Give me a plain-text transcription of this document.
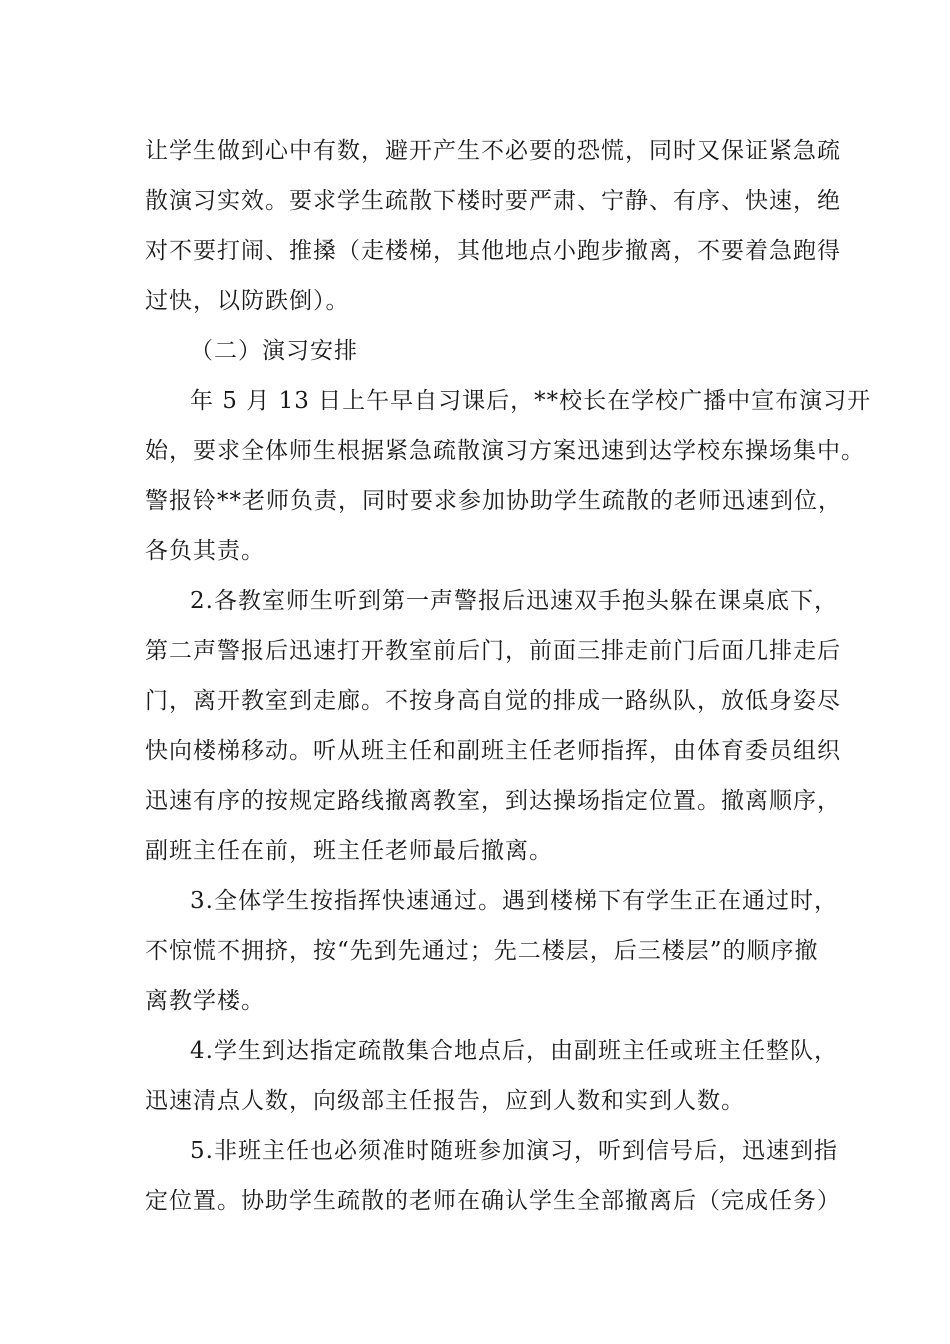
让学生做到心中有数，避开产生不必要的恐慌，同时又保证紧急疏
散演习实效。要求学生疏散下楼时要严肃、宁静、有序、快速，绝
对不要打闹、推搡（走楼梯，其他地点小跑步撤离，不要着急跑得
过快，以防跌倒）。
（二）演习安排
年 5 月 13 日上午早自习课后，**校长在学校广播中宣布演习开
始，要求全体师生根据紧急疏散演习方案迅速到达学校东操场集中。
警报铃**老师负责，同时要求参加协助学生疏散的老师迅速到位，
各负其责。
2.各教室师生听到第一声警报后迅速双手抱头躲在课桌底下，
第二声警报后迅速打开教室前后门，前面三排走前门后面几排走后
门，离开教室到走廊。不按身高自觉的排成一路纵队，放低身姿尽
快向楼梯移动。听从班主任和副班主任老师指挥，由体育委员组织
迅速有序的按规定路线撤离教室，到达操场指定位置。撤离顺序，
副班主任在前，班主任老师最后撤离。
3.全体学生按指挥快速通过。遇到楼梯下有学生正在通过时，
不惊慌不拥挤，按“先到先通过；先二楼层，后三楼层”的顺序撤
离教学楼。
4.学生到达指定疏散集合地点后，由副班主任或班主任整队，
迅速清点人数，向级部主任报告，应到人数和实到人数。
5.非班主任也必须准时随班参加演习，听到信号后，迅速到指
定位置。协助学生疏散的老师在确认学生全部撤离后（完成任务）
